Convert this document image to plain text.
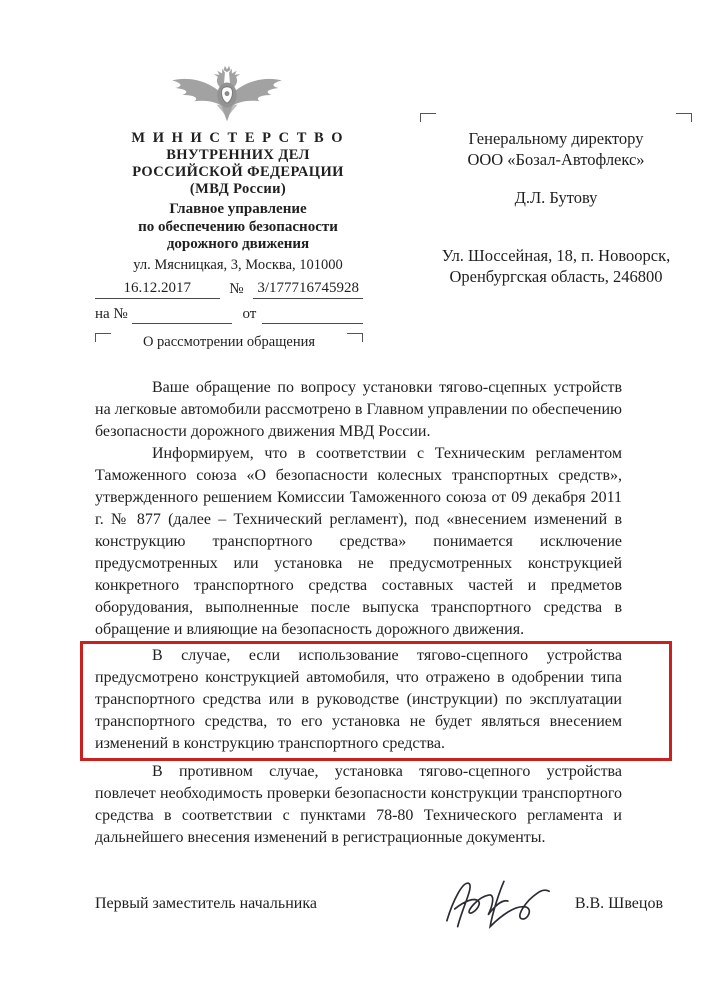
М И Н И С Т Е Р С Т В О
ВНУТРЕННИХ ДЕЛ
РОССИЙСКОЙ ФЕДЕРАЦИИ
(МВД России)
Главное управление
по обеспечению безопасности
дорожного движения
ул. Мясницкая, 3, Москва, 101000
16.12.2017	№ 3/177716745928
на №	от
О рассмотрении обращения
Генеральному директору
ООО «Бозал-Автофлекс»
Д.Л. Бутову
Ул. Шоссейная, 18, п. Новоорск,
Оренбургская область, 246800

Ваше обращение по вопросу установки тягово-сцепных устройств на легковые автомобили рассмотрено в Главном управлении по обеспечению безопасности дорожного движения МВД России.

Информируем, что в соответствии с Техническим регламентом Таможенного союза «О безопасности колесных транспортных средств», утвержденного решением Комиссии Таможенного союза от 09 декабря 2011 г. № 877 (далее – Технический регламент), под «внесением изменений в конструкцию транспортного средства» понимается исключение предусмотренных или установка не предусмотренных конструкцией конкретного транспортного средства составных частей и предметов оборудования, выполненные после выпуска транспортного средства в обращение и влияющие на безопасность дорожного движения.

В случае, если использование тягово-сцепного устройства предусмотрено конструкцией автомобиля, что отражено в одобрении типа транспортного средства или в руководстве (инструкции) по эксплуатации транспортного средства, то его установка не будет являться внесением изменений в конструкцию транспортного средства.

В противном случае, установка тягово-сцепного устройства повлечет необходимость проверки безопасности конструкции транспортного средства в соответствии с пунктами 78-80 Технического регламента и дальнейшего внесения изменений в регистрационные документы.

Первый заместитель начальника	В.В. Швецов
